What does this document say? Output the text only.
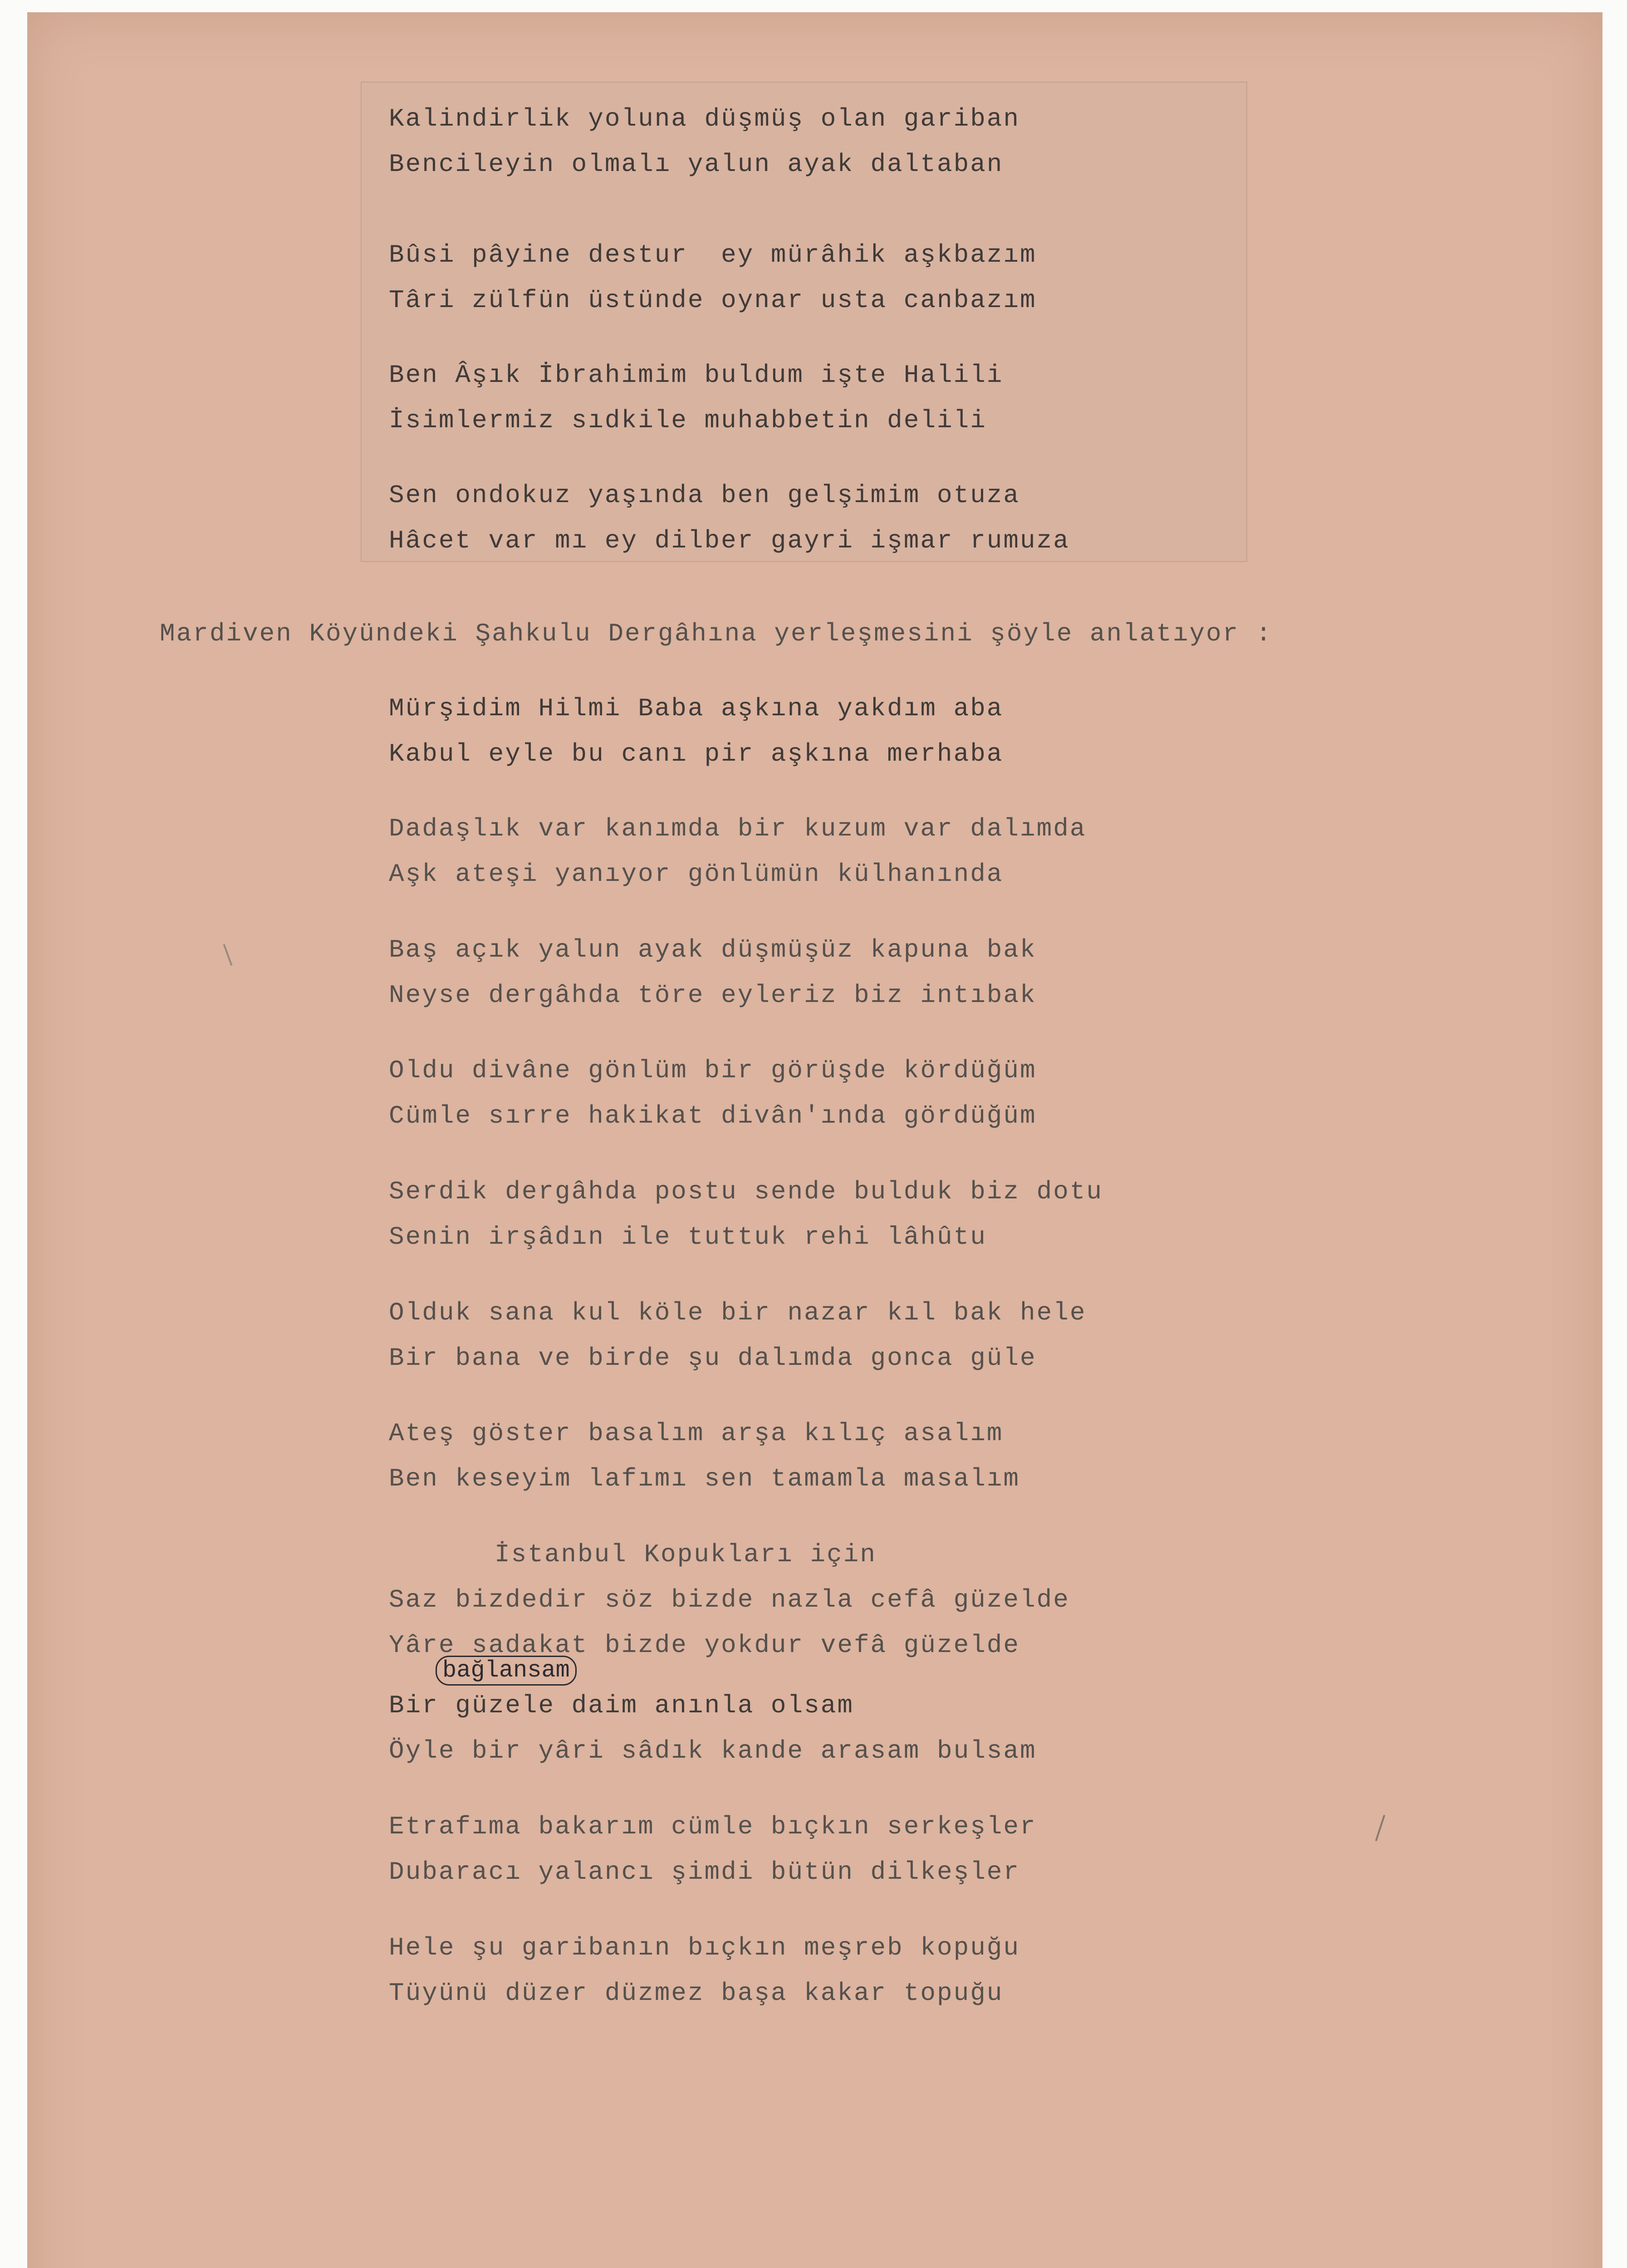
Kalindirlik yoluna düşmüş olan gariban

Bencileyin olmalı yalun ayak daltaban

Bûsi pâyine destur  ey mürâhik aşkbazım

Târi zülfün üstünde oynar usta canbazım

Ben Âşık İbrahimim buldum işte Halili

İsimlermiz sıdkile muhabbetin delili

Sen ondokuz yaşında ben gelşimim otuza

Hâcet var mı ey dilber gayri işmar rumuza

Mardiven Köyündeki Şahkulu Dergâhına yerleşmesini şöyle anlatıyor :

Mürşidim Hilmi Baba aşkına yakdım aba

Kabul eyle bu canı pir aşkına merhaba

Dadaşlık var kanımda bir kuzum var dalımda

Aşk ateşi yanıyor gönlümün külhanında

Baş açık yalun ayak düşmüşüz kapuna bak

Neyse dergâhda töre eyleriz biz intıbak

Oldu divâne gönlüm bir görüşde kördüğüm

Cümle sırre hakikat divân'ında gördüğüm

Serdik dergâhda postu sende bulduk biz dotu

Senin irşâdın ile tuttuk rehi lâhûtu

Olduk sana kul köle bir nazar kıl bak hele

Bir bana ve birde şu dalımda gonca güle

Ateş göster basalım arşa kılıç asalım

Ben keseyim lafımı sen tamamla masalım

İstanbul Kopukları için

Saz bizdedir söz bizde nazla cefâ güzelde

Yâre sadakat bizde yokdur vefâ güzelde

bağlansam

Bir güzele daim anınla olsam

Öyle bir yâri sâdık kande arasam bulsam

Etrafıma bakarım cümle bıçkın serkeşler

Dubaracı yalancı şimdi bütün dilkeşler

Hele şu garibanın bıçkın meşreb kopuğu

Tüyünü düzer düzmez başa kakar topuğu
